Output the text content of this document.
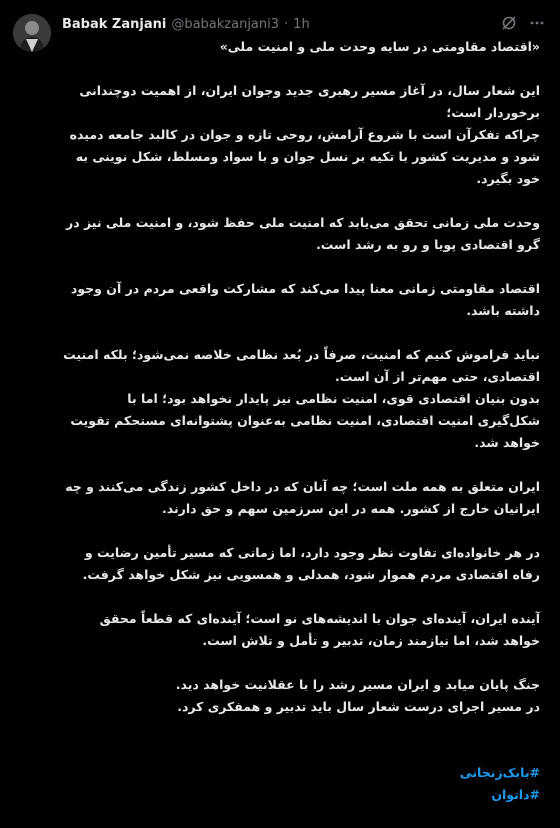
Babak Zanjani @babakzanjani3 · 1h

«اقتصاد مقاومتی در سایه وحدت ملی و امنیت ملی»

این شعار سال، در آغاز مسیر رهبری جدید وجوان ایران، از اهمیت دوچندانی برخوردار است؛
چراکه تفکرآن است با شروع آرامش، روحی تازه و جوان در کالبد جامعه دمیده شود و مدیریت کشور با تکیه بر نسل جوان و با سواد ومسلط، شکل نوینی به خود بگیرد.

وحدت ملی زمانی تحقق می‌یابد که امنیت ملی حفظ شود، و امنیت ملی نیز در گرو اقتصادی پویا و رو به رشد است.

اقتصاد مقاومتی زمانی معنا پیدا می‌کند که مشارکت واقعی مردم در آن وجود داشته باشد.

نباید فراموش کنیم که امنیت، صرفاً در بُعد نظامی خلاصه نمی‌شود؛ بلکه امنیت اقتصادی، حتی مهم‌تر از آن است.
بدون بنیان اقتصادی قوی، امنیت نظامی نیز پایدار نخواهد بود؛ اما با شکل‌گیری امنیت اقتصادی، امنیت نظامی به‌عنوان پشتوانه‌ای مستحکم تقویت خواهد شد.

ایران متعلق به همه ملت است؛ چه آنان که در داخل کشور زندگی می‌کنند و چه ایرانیان خارج از کشور. همه در این سرزمین سهم و حق دارند.

در هر خانواده‌ای تفاوت نظر وجود دارد، اما زمانی که مسیر تأمین رضایت و رفاه اقتصادی مردم هموار شود، همدلی و همسویی نیز شکل خواهد گرفت.

آینده ایران، آینده‌ای جوان با اندیشه‌های نو است؛ آینده‌ای که قطعاً محقق خواهد شد، اما نیازمند زمان، تدبیر و تأمل و تلاش است.

جنگ پایان میابد و ایران مسیر رشد را با عقلانیت خواهد دید.
در مسیر اجرای درست شعار سال باید تدبیر و همفکری کرد.

#بابک‌زنجانی
#داتوان
